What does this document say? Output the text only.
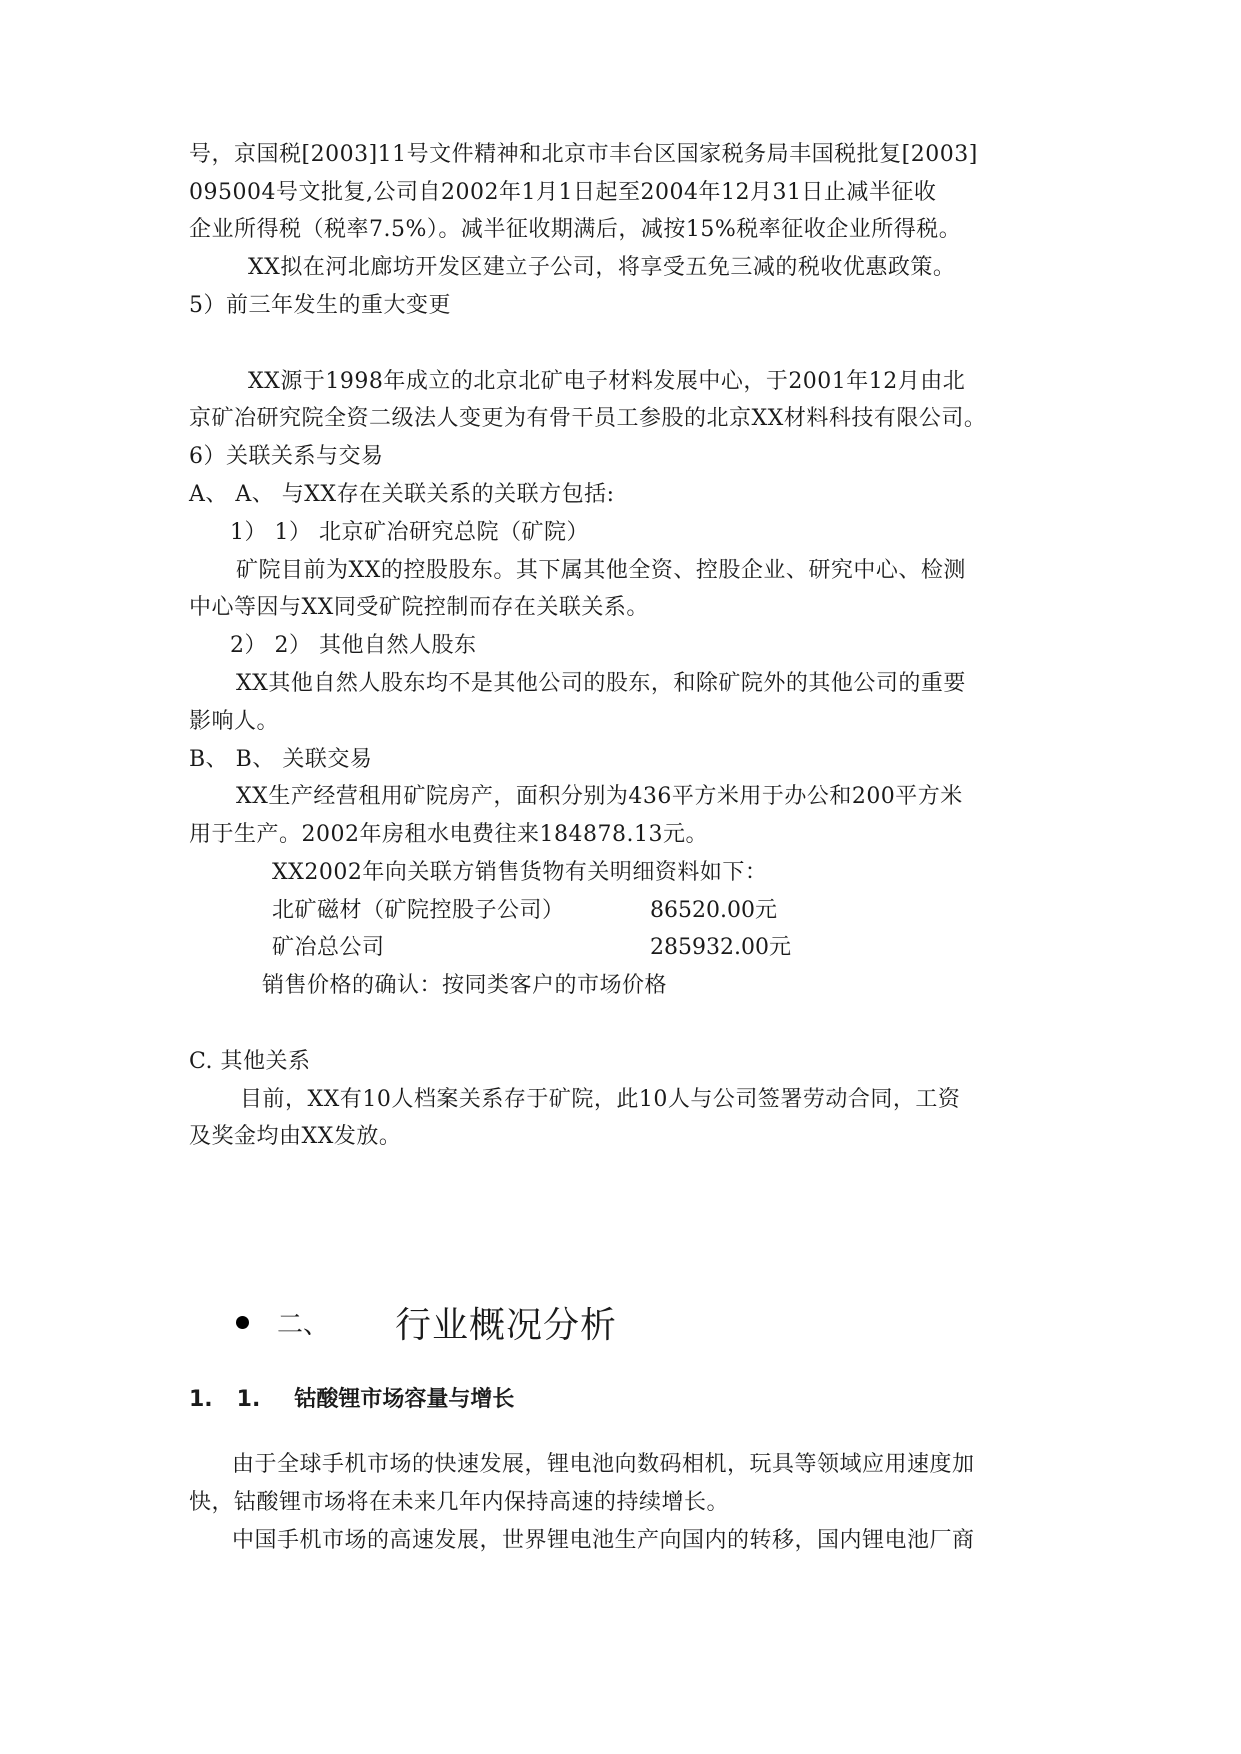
号，京国税[2003]11号文件精神和北京市丰台区国家税务局丰国税批复[2003]
095004号文批复,公司自2002年1月1日起至2004年12月31日止减半征收
企业所得税（税率7.5%）。减半征收期满后，减按15%税率征收企业所得税。
XX拟在河北廊坊开发区建立子公司，将享受五免三减的税收优惠政策。
5）前三年发生的重大变更
XX源于1998年成立的北京北矿电子材料发展中心，于2001年12月由北
京矿冶研究院全资二级法人变更为有骨干员工参股的北京XX材料科技有限公司。
6）关联关系与交易
A、 A、 与XX存在关联关系的关联方包括:
1） 1） 北京矿冶研究总院（矿院）
矿院目前为XX的控股股东。其下属其他全资、控股企业、研究中心、检测
中心等因与XX同受矿院控制而存在关联关系。
2） 2） 其他自然人股东
XX其他自然人股东均不是其他公司的股东，和除矿院外的其他公司的重要
影响人。
B、 B、 关联交易
XX生产经营租用矿院房产，面积分别为436平方米用于办公和200平方米
用于生产。2002年房租水电费往来184878.13元。
XX2002年向关联方销售货物有关明细资料如下：
北矿磁材（矿院控股子公司）	86520.00元
矿冶总公司	285932.00元
销售价格的确认：按同类客户的市场价格
C. 其他关系
目前，XX有10人档案关系存于矿院，此10人与公司签署劳动合同，工资
及奖金均由XX发放。
二、 行业概况分析
1. 1. 钴酸锂市场容量与增长
由于全球手机市场的快速发展，锂电池向数码相机，玩具等领域应用速度加
快，钴酸锂市场将在未来几年内保持高速的持续增长。
中国手机市场的高速发展，世界锂电池生产向国内的转移，国内锂电池厂商
